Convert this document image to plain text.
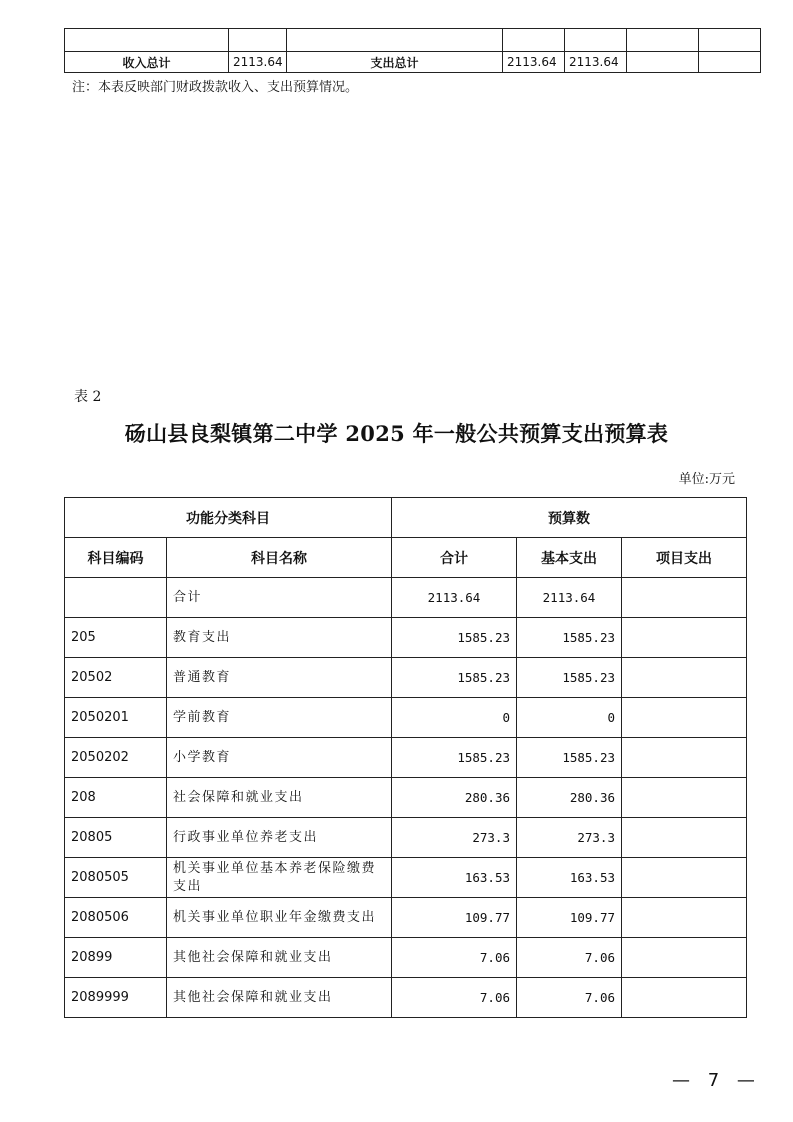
收入总计	2113.64	支出总计	2113.64	2113.64		
注：本表反映部门财政拨款收入、支出预算情况。
表 2
砀山县良梨镇第二中学 2025 年一般公共预算支出预算表
单位:万元
功能分类科目		预算数		
科目编码	科目名称	合计	基本支出	项目支出
	合计	2113.64	2113.64	
205	教育支出	1585.23	1585.23	
20502	普通教育	1585.23	1585.23	
2050201	学前教育	0	0	
2050202	小学教育	1585.23	1585.23	
208	社会保障和就业支出	280.36	280.36	
20805	行政事业单位养老支出	273.3	273.3	
2080505	机关事业单位基本养老保险缴费支出	163.53	163.53	
2080506	机关事业单位职业年金缴费支出	109.77	109.77	
20899	其他社会保障和就业支出	7.06	7.06	
2089999	其他社会保障和就业支出	7.06	7.06	
— 7 —
